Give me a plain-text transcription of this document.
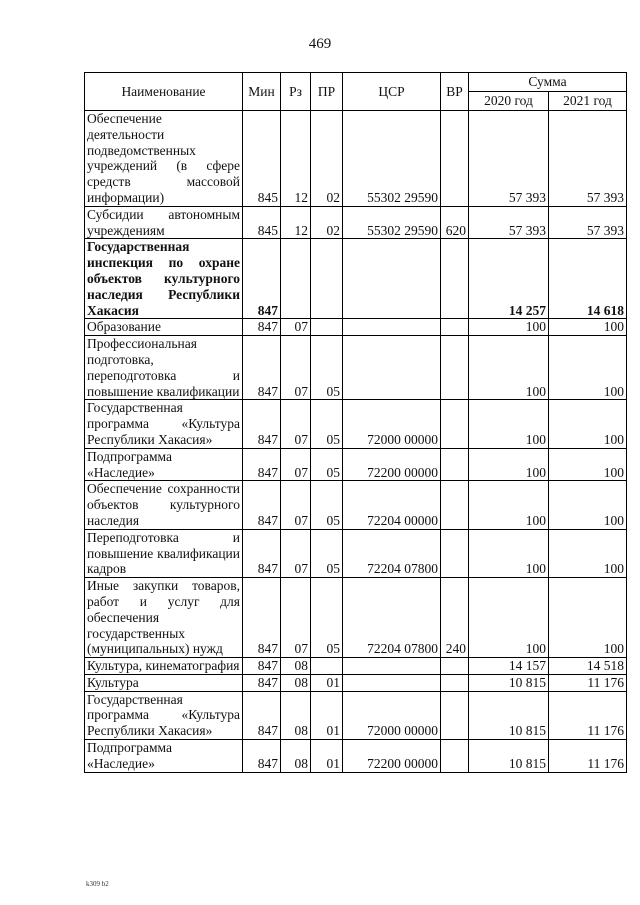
469
Наименование	Мин	Рз	ПР	ЦСР	ВР	Сумма	
						2020 год	2021 год
Обеспечение деятельности подведомственных учреждений (в сфере средств массовой информации)	845	12	02	55302 29590		57 393	57 393
Субсидии автономным учреждениям	845	12	02	55302 29590	620	57 393	57 393
Государственная инспекция по охране объектов культурного наследия Республики Хакасия	847					14 257	14 618
Образование	847	07				100	100
Профессиональная подготовка, переподготовка и повышение квалификации	847	07	05			100	100
Государственная программа «Культура Республики Хакасия»	847	07	05	72000 00000		100	100
Подпрограмма «Наследие»	847	07	05	72200 00000		100	100
Обеспечение сохранности объектов культурного наследия	847	07	05	72204 00000		100	100
Переподготовка и повышение квалификации кадров	847	07	05	72204 07800		100	100
Иные закупки товаров, работ и услуг для обеспечения государственных (муниципальных) нужд	847	07	05	72204 07800	240	100	100
Культура, кинематография	847	08				14 157	14 518
Культура	847	08	01			10 815	11 176
Государственная программа «Культура Республики Хакасия»	847	08	01	72000 00000		10 815	11 176
Подпрограмма «Наследие»	847	08	01	72200 00000		10 815	11 176
k309 b2
